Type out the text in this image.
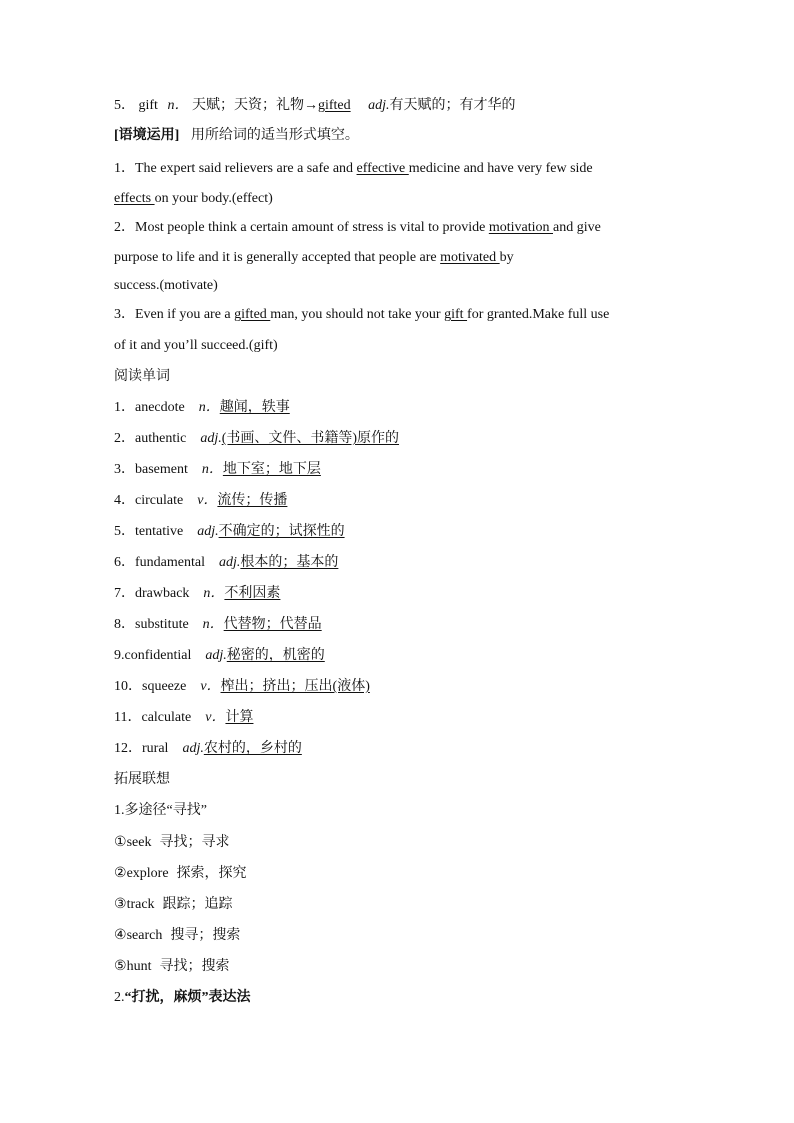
5． gift n． 天赋；天资；礼物→gifted adj.有天赋的；有才华的
[语境运用] 用所给词的适当形式填空。
1．The expert said relievers are a safe and effective medicine and have very few side
effects on your body.(effect)
2．Most people think a certain amount of stress is vital to provide motivation and give
purpose to life and it is generally accepted that people are motivated by
success.(motivate)
3．Even if you are a gifted man, you should not take your gift for granted.Make full use
of it and you’ll succeed.(gift)
阅读单词
1．anecdote n．趣闻，轶事
2．authentic adj.(书画、文件、书籍等)原作的
3．basement n．地下室；地下层
4．circulate v．流传；传播
5．tentative adj.不确定的；试探性的
6．fundamental adj.根本的；基本的
7．drawback n．不利因素
8．substitute n．代替物；代替品
9.confidential adj.秘密的，机密的
10．squeeze v．榨出；挤出；压出(液体)
11．calculate v．计算
12．rural adj.农村的，乡村的
拓展联想
1.多途径“寻找”
①seek 寻找；寻求
②explore 探索，探究
③track 跟踪；追踪
④search 搜寻；搜索
⑤hunt 寻找；搜索
2.“打扰，麻烦”表达法
